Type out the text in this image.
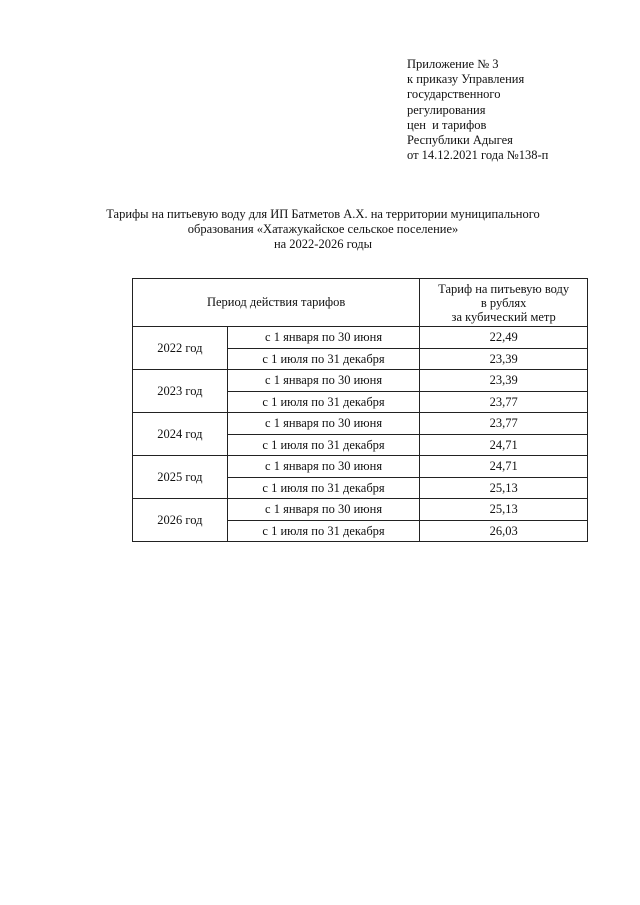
Приложение № 3
к приказу Управления
государственного
регулирования
цен  и тарифов
Республики Адыгея
от 14.12.2021 года №138-п
Тарифы на питьевую воду для ИП Батметов А.Х. на территории муниципального
образования «Хатажукайское сельское поселение»
на 2022-2026 годы
Период действия тарифов		Тариф на питьевую воду
в рублях
за кубический метр

2022 год	с 1 января по 30 июня	22,49
	с 1 июля по 31 декабря	23,39
2023 год	с 1 января по 30 июня	23,39
	с 1 июля по 31 декабря	23,77
2024 год	с 1 января по 30 июня	23,77
	с 1 июля по 31 декабря	24,71
2025 год	с 1 января по 30 июня	24,71
	с 1 июля по 31 декабря	25,13
2026 год	с 1 января по 30 июня	25,13
	с 1 июля по 31 декабря	26,03
